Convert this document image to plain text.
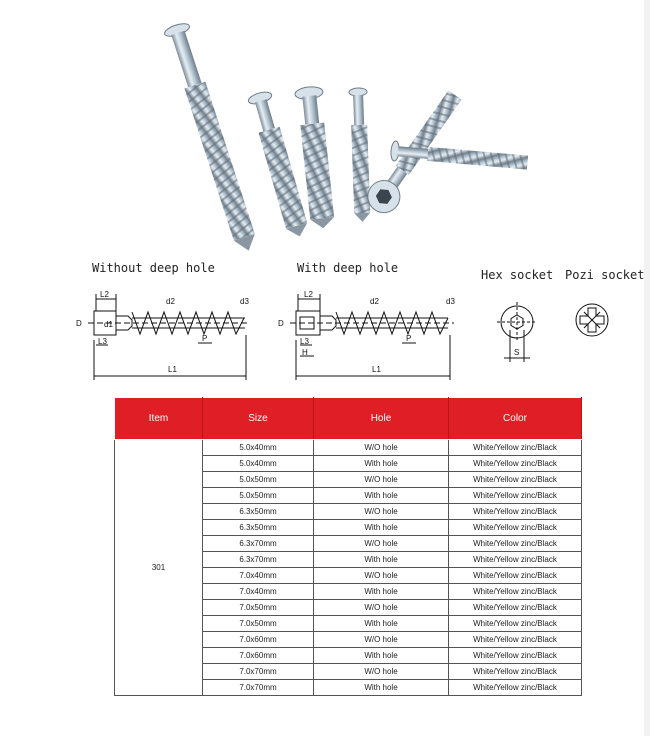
Without deep hole	With deep hole	Hex socket Pozi socket
L2
L3
L1
D	d1
d2	d3
P
L2
L3
H
L1
D
d2	d3
P
S
Item	Size	Hole	Color
301	5.0x40mm	W/O hole	White/Yellow zinc/Black
	5.0x40mm	With hole	White/Yellow zinc/Black
	5.0x50mm	W/O hole	White/Yellow zinc/Black
	5.0x50mm	With hole	White/Yellow zinc/Black
	6.3x50mm	W/O hole	White/Yellow zinc/Black
	6.3x50mm	With hole	White/Yellow zinc/Black
	6.3x70mm	W/O hole	White/Yellow zinc/Black
	6.3x70mm	With hole	White/Yellow zinc/Black
	7.0x40mm	W/O hole	White/Yellow zinc/Black
	7.0x40mm	With hole	White/Yellow zinc/Black
	7.0x50mm	W/O hole	White/Yellow zinc/Black
	7.0x50mm	With hole	White/Yellow zinc/Black
	7.0x60mm	W/O hole	White/Yellow zinc/Black
	7.0x60mm	With hole	White/Yellow zinc/Black
	7.0x70mm	W/O hole	White/Yellow zinc/Black
	7.0x70mm	With hole	White/Yellow zinc/Black
